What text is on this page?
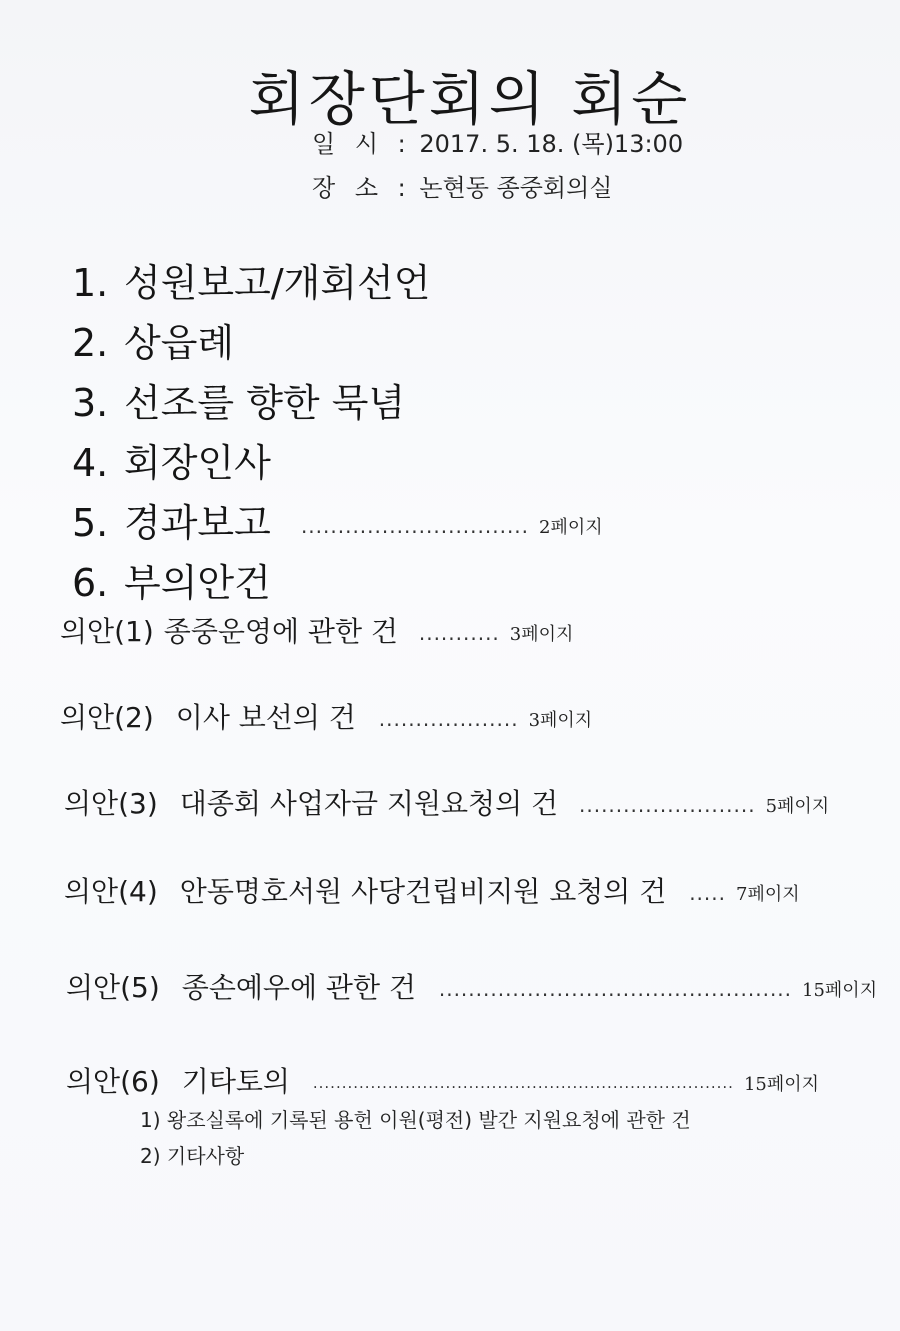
회장단회의 회순
일 시 : 2017. 5. 18. (목)13:00
장 소 : 논현동 종중회의실
1. 성원보고/개회선언
2. 상읍례
3. 선조를 향한 묵념
4. 회장인사
5. 경과보고 ............................... 2페이지
6. 부의안건
의안(1) 종중운영에 관한 건 ........... 3페이지
의안(2) 이사 보선의 건 ................... 3페이지
의안(3) 대종회 사업자금 지원요청의 건 ........................ 5페이지
의안(4) 안동명호서원 사당건립비지원 요청의 건 ..... 7페이지
의안(5) 종손예우에 관한 건 ................................................ 15페이지
의안(6) 기타토의 ......................................................................... 15페이지
1) 왕조실록에 기록된 용헌 이원(평전) 발간 지원요청에 관한 건
2) 기타사항
